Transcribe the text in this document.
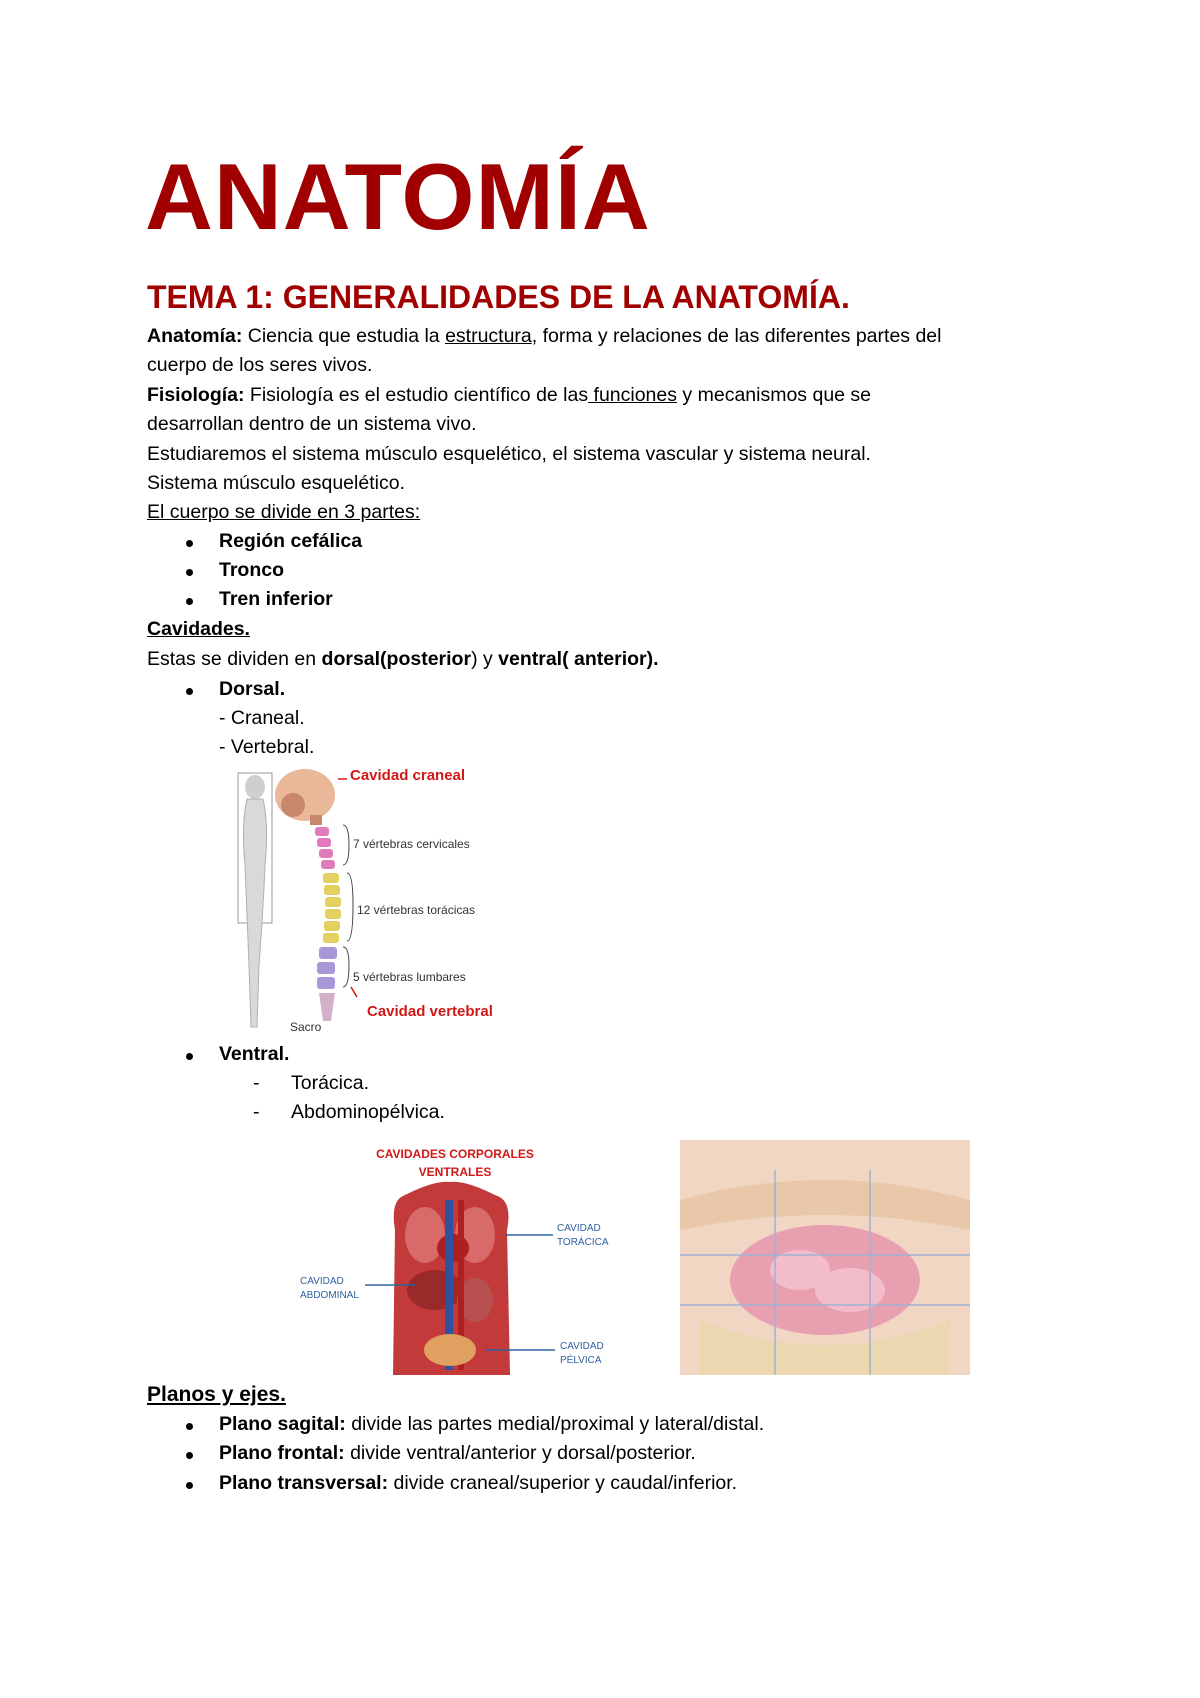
ANATOMÍA
TEMA 1: GENERALIDADES DE LA ANATOMÍA.
Anatomía: Ciencia que estudia la estructura, forma y relaciones de las diferentes partes del
cuerpo de los seres vivos.
Fisiología: Fisiología es el estudio científico de las funciones y mecanismos que se
desarrollan dentro de un sistema vivo.
Estudiaremos el sistema músculo esquelético, el sistema vascular y sistema neural.
Sistema músculo esquelético.
El cuerpo se divide en 3 partes:
Región cefálica
Tronco
Tren inferior
Cavidades.
Estas se dividen en dorsal(posterior) y ventral( anterior).
Dorsal.
- Craneal.
- Vertebral.
Cavidad craneal
7 vértebras cervicales
12 vértebras torácicas
5 vértebras lumbares
Cavidad vertebral
Sacro
Ventral.
- Torácica.
- Abdominopélvica.
CAVIDADES CORPORALES
VENTRALES
CAVIDAD
TORÁCICA
CAVIDAD
ABDOMINAL
CAVIDAD
PÉLVICA
Planos y ejes.
Plano sagital: divide las partes medial/proximal y lateral/distal.
Plano frontal: divide ventral/anterior y dorsal/posterior.
Plano transversal: divide craneal/superior y caudal/inferior.
